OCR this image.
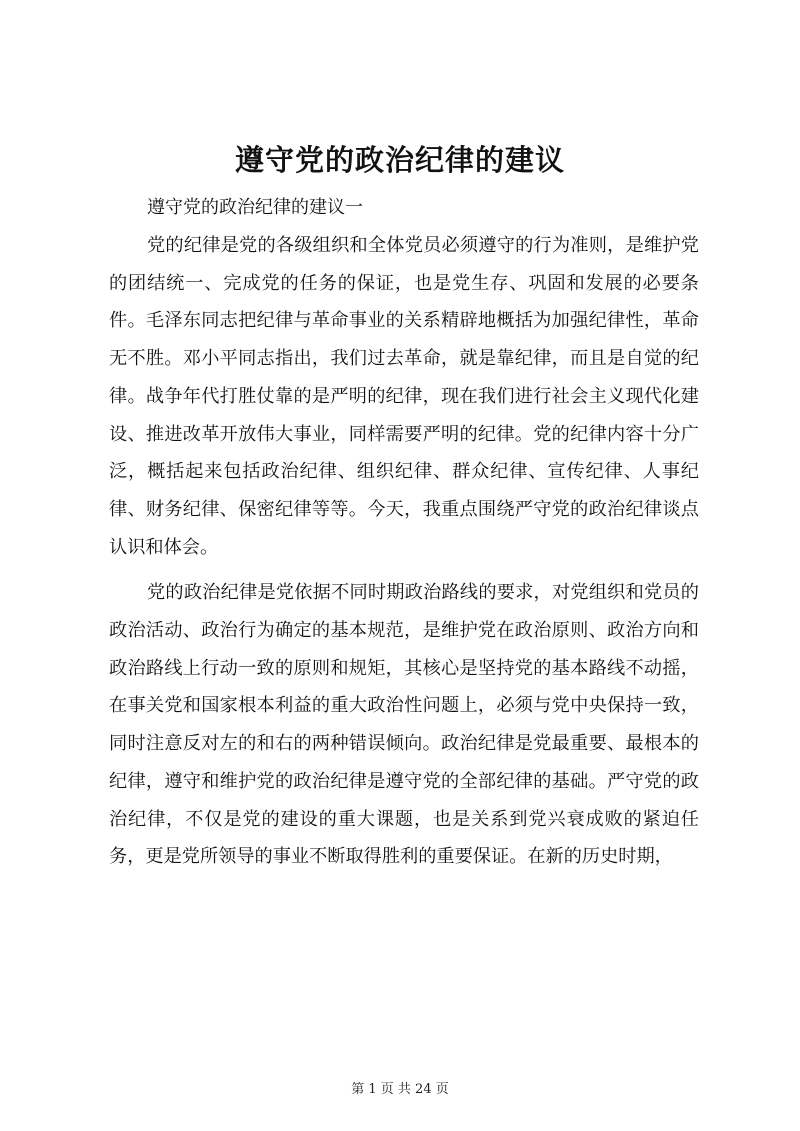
遵守党的政治纪律的建议

遵守党的政治纪律的建议一

党的纪律是党的各级组织和全体党员必须遵守的行为准则，是维护党的团结统一、完成党的任务的保证，也是党生存、巩固和发展的必要条件。毛泽东同志把纪律与革命事业的关系精辟地概括为加强纪律性，革命无不胜。邓小平同志指出，我们过去革命，就是靠纪律，而且是自觉的纪律。战争年代打胜仗靠的是严明的纪律，现在我们进行社会主义现代化建设、推进改革开放伟大事业，同样需要严明的纪律。党的纪律内容十分广泛，概括起来包括政治纪律、组织纪律、群众纪律、宣传纪律、人事纪律、财务纪律、保密纪律等等。今天，我重点围绕严守党的政治纪律谈点认识和体会。

党的政治纪律是党依据不同时期政治路线的要求，对党组织和党员的政治活动、政治行为确定的基本规范，是维护党在政治原则、政治方向和政治路线上行动一致的原则和规矩，其核心是坚持党的基本路线不动摇，在事关党和国家根本利益的重大政治性问题上，必须与党中央保持一致，同时注意反对左的和右的两种错误倾向。政治纪律是党最重要、最根本的纪律，遵守和维护党的政治纪律是遵守党的全部纪律的基础。严守党的政治纪律，不仅是党的建设的重大课题，也是关系到党兴衰成败的紧迫任务，更是党所领导的事业不断取得胜利的重要保证。在新的历史时期，

第 1 页 共 24 页
